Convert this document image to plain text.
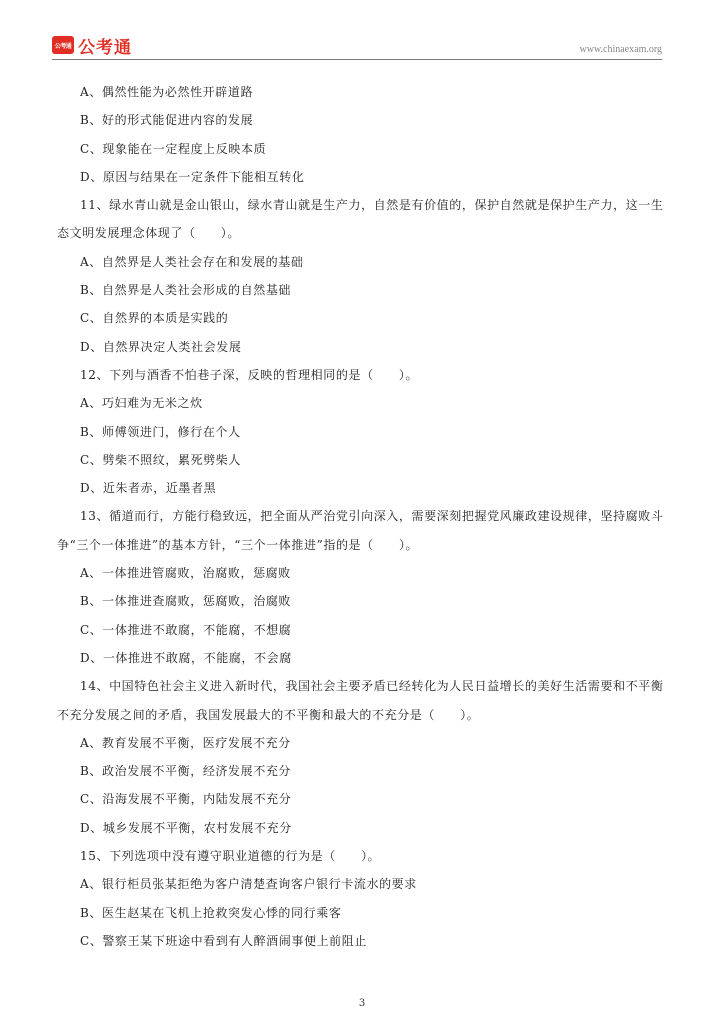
公考通 公考通	www.chinaexam.org
A、偶然性能为必然性开辟道路
B、好的形式能促进内容的发展
C、现象能在一定程度上反映本质
D、原因与结果在一定条件下能相互转化
11、绿水青山就是金山银山，绿水青山就是生产力，自然是有价值的，保护自然就是保护生产力，这一生
态文明发展理念体现了（　　）。
A、自然界是人类社会存在和发展的基础
B、自然界是人类社会形成的自然基础
C、自然界的本质是实践的
D、自然界决定人类社会发展
12、下列与酒香不怕巷子深，反映的哲理相同的是（　　）。
A、巧妇难为无米之炊
B、师傅领进门，修行在个人
C、劈柴不照纹，累死劈柴人
D、近朱者赤，近墨者黑
13、循道而行，方能行稳致远，把全面从严治党引向深入，需要深刻把握党风廉政建设规律，坚持腐败斗
争“三个一体推进”的基本方针，“三个一体推进”指的是（　　）。
A、一体推进管腐败，治腐败，惩腐败
B、一体推进查腐败，惩腐败，治腐败
C、一体推进不敢腐，不能腐，不想腐
D、一体推进不敢腐，不能腐，不会腐
14、中国特色社会主义进入新时代，我国社会主要矛盾已经转化为人民日益增长的美好生活需要和不平衡
不充分发展之间的矛盾，我国发展最大的不平衡和最大的不充分是（　　）。
A、教育发展不平衡，医疗发展不充分
B、政治发展不平衡，经济发展不充分
C、沿海发展不平衡，内陆发展不充分
D、城乡发展不平衡，农村发展不充分
15、下列选项中没有遵守职业道德的行为是（　　）。
A、银行柜员张某拒绝为客户清楚查询客户银行卡流水的要求
B、医生赵某在飞机上抢救突发心悸的同行乘客
C、警察王某下班途中看到有人醉酒闹事便上前阻止
3
